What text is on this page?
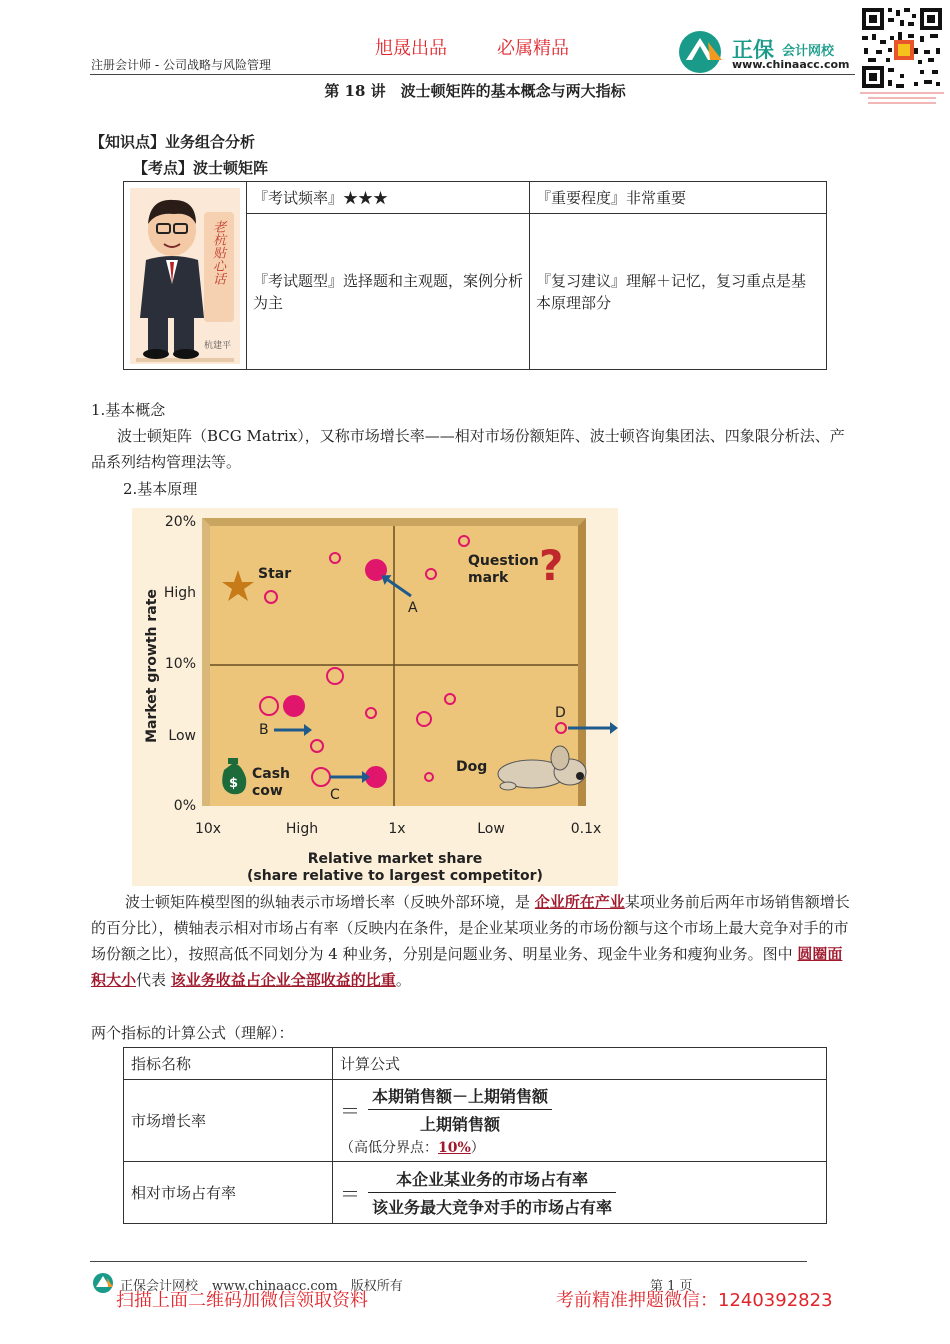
旭晟出品	必属精品
注册会计师 - 公司战略与风险管理
正保 会计网校
www.chinaacc.com
第 18 讲　波士顿矩阵的基本概念与两大指标
【知识点】业务组合分析
【考点】波士顿矩阵
老杭贴心话
杭建平	『考试频率』★★★	『重要程度』非常重要
	『考试题型』选择题和主观题，案例分析为主	『复习建议』理解＋记忆，复习重点是基本原理部分
1.基本概念
波士顿矩阵（BCG Matrix），又称市场增长率——相对市场份额矩阵、波士顿咨询集团法、四象限分析法、产品系列结构管理法等。
2.基本原理
?
$
A
B
C
D
20%
High
10%
Low
0%
10x	High	1x	Low	0.1x
Star
Question
mark
Cash
cow
Dog
Relative market share
(share relative to largest competitor)
Market growth rate
波士顿矩阵模型图的纵轴表示市场增长率（反映外部环境，是 企业所在产业某项业务前后两年市场销售额增长的百分比），横轴表示相对市场占有率（反映内在条件，是企业某项业务的市场份额与这个市场上最大竞争对手的市场份额之比），按照高低不同划分为 4 种业务，分别是问题业务、明星业务、现金牛业务和瘦狗业务。图中 圆圈面积大小代表 该业务收益占企业全部收益的比重。
两个指标的计算公式（理解）：
指标名称	计算公式
市场增长率	＝ $\frac{\text{本期销售额－上期销售额}}{\text{上期销售额}}$
（高低分界点：10%）

相对市场占有率	＝ $\frac{\text{本企业某业务的市场占有率}}{\text{该业务最大竞争对手的市场占有率}}$
正保会计网校 www.chinaacc.com　版权所有	第 1 页
扫描上面二维码加微信领取资料	考前精准押题微信：1240392823
